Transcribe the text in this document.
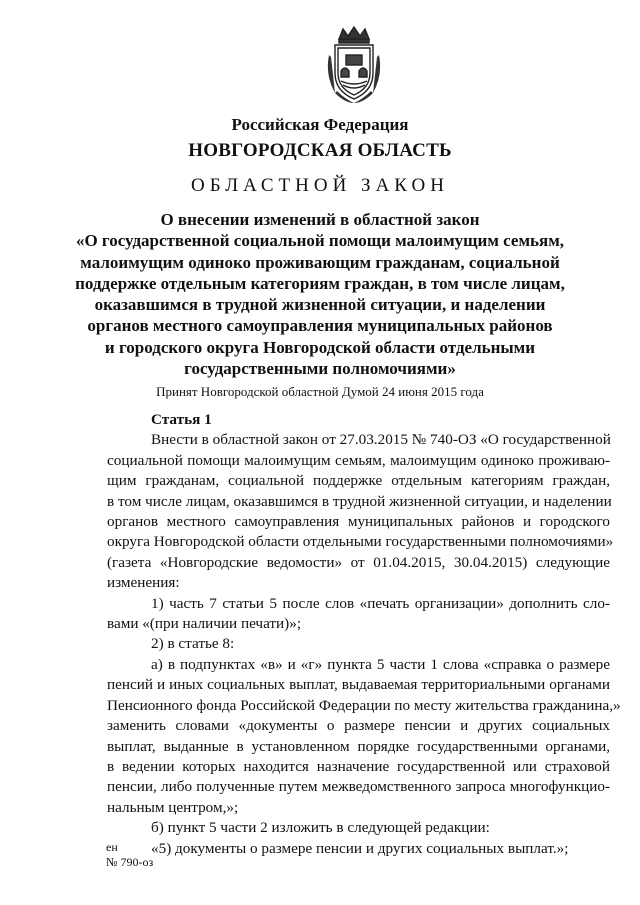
Российская Федерация
НОВГОРОДСКАЯ ОБЛАСТЬ
ОБЛАСТНОЙ ЗАКОН
О внесении изменений в областной закон
«О государственной социальной помощи малоимущим семьям,
малоимущим одиноко проживающим гражданам, социальной
поддержке отдельным категориям граждан, в том числе лицам,
оказавшимся в трудной жизненной ситуации, и наделении
органов местного самоуправления муниципальных районов
и городского округа Новгородской области отдельными
государственными полномочиями»
Принят Новгородской областной Думой 24 июня 2015 года
Статья 1
Внести в областной закон от 27.03.2015 № 740-ОЗ «О государственной
социальной помощи малоимущим семьям, малоимущим одиноко проживаю-
щим гражданам, социальной поддержке отдельным категориям граждан,
в том числе лицам, оказавшимся в трудной жизненной ситуации, и наделении
органов местного самоуправления муниципальных районов и городского
округа Новгородской области отдельными государственными полномочиями»
(газета «Новгородские ведомости» от 01.04.2015, 30.04.2015) следующие
изменения:
1) часть 7 статьи 5 после слов «печать организации» дополнить сло-
вами «(при наличии печати)»;
2) в статье 8:
а) в подпунктах «в» и «г» пункта 5 части 1 слова «справка о размере
пенсий и иных социальных выплат, выдаваемая территориальными органами
Пенсионного фонда Российской Федерации по месту жительства гражданина,»
заменить словами «документы о размере пенсии и других социальных
выплат, выданные в установленном порядке государственными органами,
в ведении которых находится назначение государственной или страховой
пенсии, либо полученные путем межведомственного запроса многофункцио-
нальным центром,»;
б) пункт 5 части 2 изложить в следующей редакции:
«5) документы о размере пенсии и других социальных выплат.»;
ен
№ 790-оз
